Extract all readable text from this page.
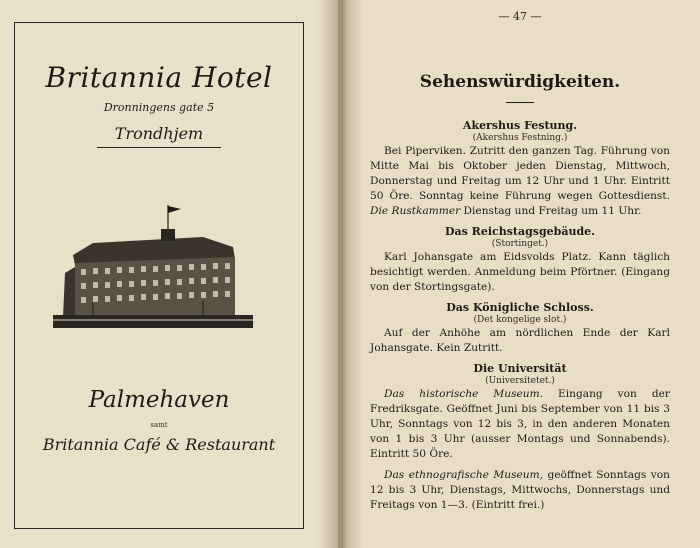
Britannia Hotel
Dronningens gate 5
Trondhjem
Palmehaven
samt
Britannia Café & Restaurant
— 47 —

Sehenswürdigkeiten.

Akershus Festung.

(Akershus Festning.)

Bei Piperviken. Zutritt den ganzen Tag. Führung von Mitte Mai bis Oktober jeden Dienstag, Mittwoch, Donnerstag und Freitag um 12 Uhr und 1 Uhr. Eintritt 50 Öre. Sonntag keine Führung wegen Gottesdienst. Die Rustkammer Dienstag und Freitag um 11 Uhr.

Das Reichstagsgebäude.

(Stortinget.)

Karl Johansgate am Eidsvolds Platz. Kann täglich besichtigt werden. Anmeldung beim Pförtner. (Eingang von der Stortingsgate).

Das Königliche Schloss.

(Det kongelige slot.)

Auf der Anhöhe am nördlichen Ende der Karl Johansgate. Kein Zutritt.

Die Universität

(Universitetet.)

Das historische Museum. Eingang von der Fredriksgate. Geöffnet Juni bis September von 11 bis 3 Uhr, Sonntags von 12 bis 3, in den anderen Monaten von 1 bis 3 Uhr (ausser Montags und Sonnabends). Eintritt 50 Öre.

Das ethnografische Museum, geöffnet Sonntags von 12 bis 3 Uhr, Dienstags, Mittwochs, Donnerstags und Freitags von 1—3. (Eintritt frei.)
